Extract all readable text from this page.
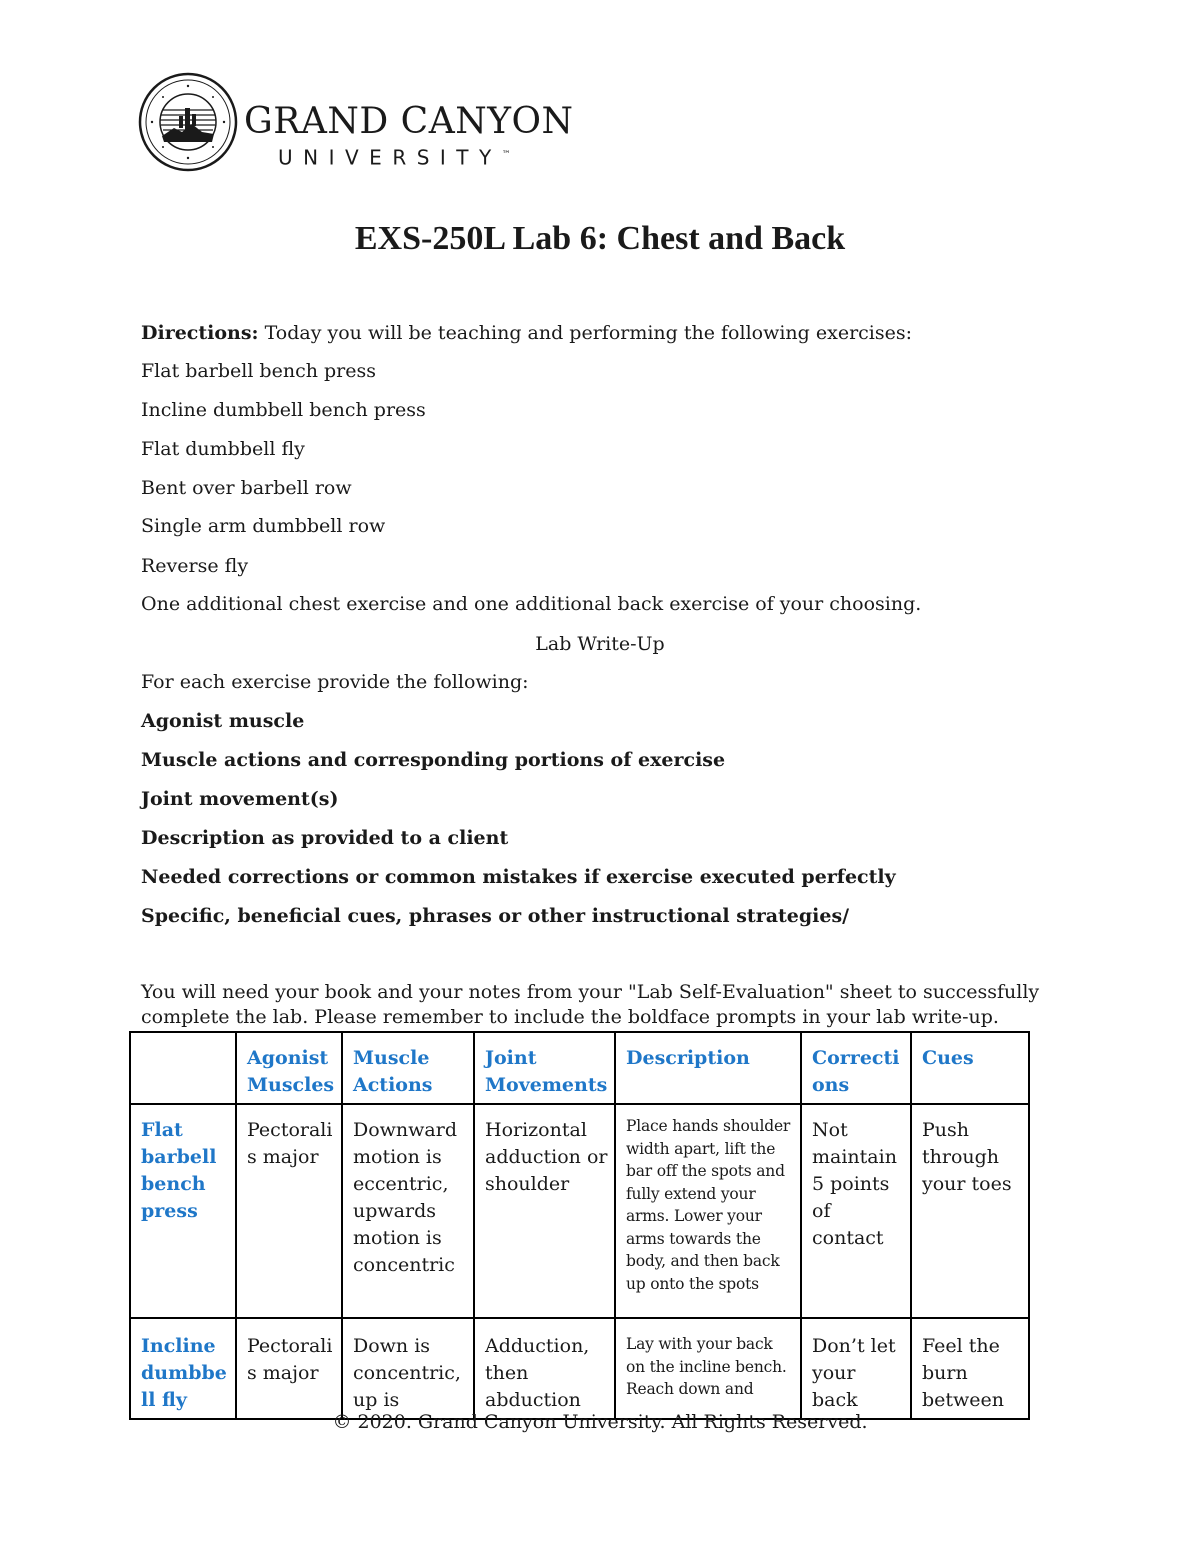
GRAND CANYON
UNIVERSITY™
EXS-250L Lab 6: Chest and Back
Directions: Today you will be teaching and performing the following exercises:
Flat barbell bench press
Incline dumbbell bench press
Flat dumbbell fly
Bent over barbell row
Single arm dumbbell row
Reverse fly
One additional chest exercise and one additional back exercise of your choosing.
Lab Write-Up
For each exercise provide the following:
Agonist muscle
Muscle actions and corresponding portions of exercise
Joint movement(s)
Description as provided to a client
Needed corrections or common mistakes if exercise executed perfectly
Specific, beneficial cues, phrases or other instructional strategies/
You will need your book and your notes from your "Lab Self-Evaluation" sheet to successfully complete the lab. Please remember to include the boldface prompts in your lab write-up.
	Agonist Muscles	Muscle Actions	Joint Movements	Description	Correcti ons	Cues
Flat barbell bench press	Pectorali s major	Downward motion is eccentric, upwards motion is concentric	Horizontal adduction or shoulder	Place hands shoulder width apart, lift the bar off the spots and fully extend your arms. Lower your arms towards the body, and then back up onto the spots	Not maintain 5 points of contact	Push through your toes
Incline dumbbe ll fly	Pectorali s major	Down is concentric, up is	Adduction, then abduction	Lay with your back on the incline bench. Reach down and	Don’t let your back	Feel the burn between
© 2020. Grand Canyon University. All Rights Reserved.
